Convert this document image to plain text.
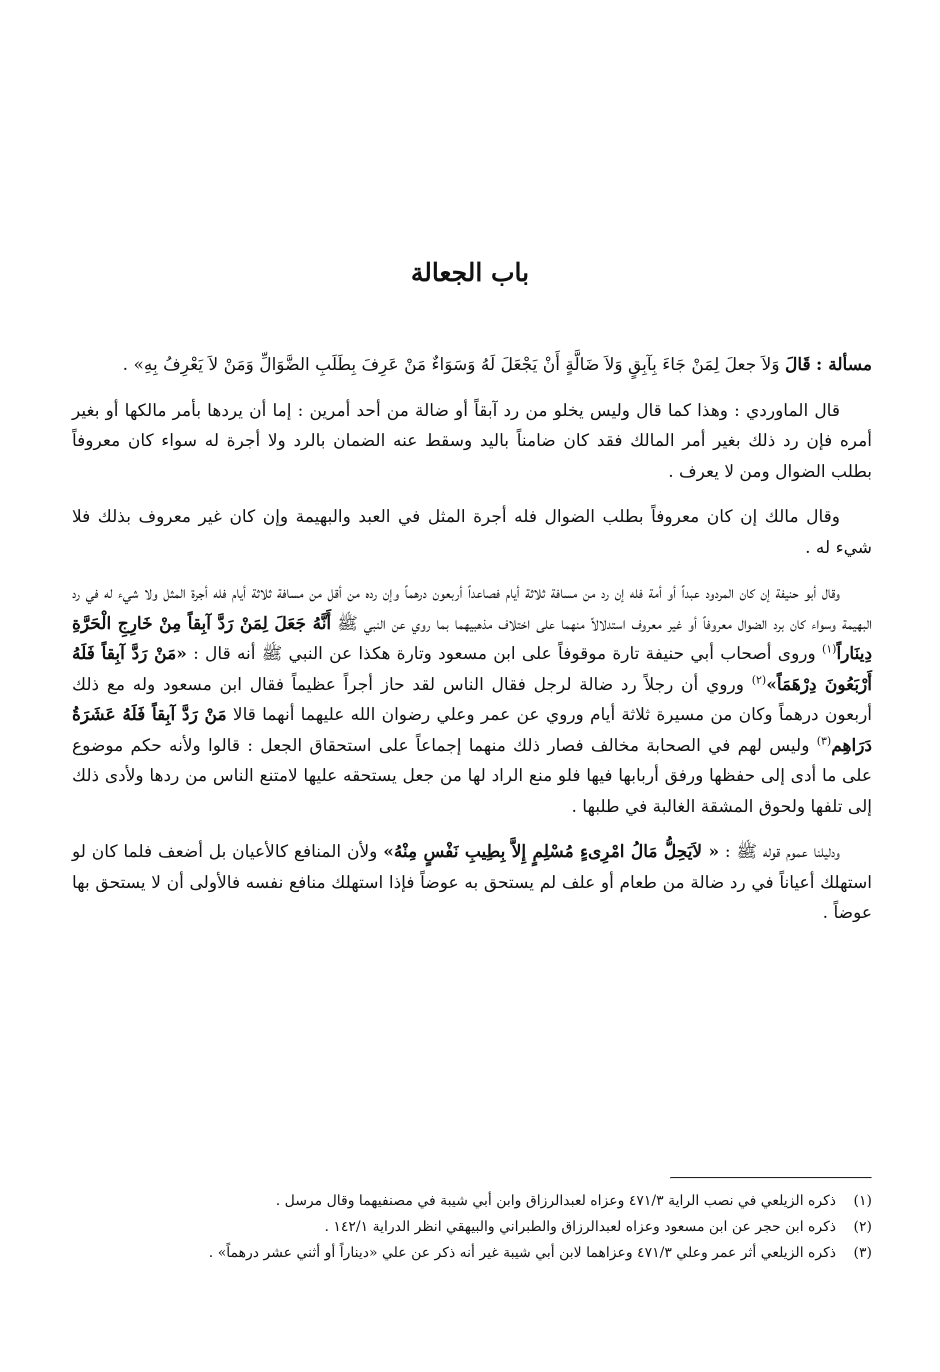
باب الجعالة

مسألة : قَالَ وَلاَ جعلَ لِمَنْ جَاءَ بِآبِقٍ وَلاَ ضَالَّةٍ أَنْ يَجْعَلَ لَهُ وَسَوَاءٌ مَنْ عَرِفَ بِطَلَبِ الضَّوَالِّ وَمَنْ لاَ يَعْرِفُ بِهِ» .

قال الماوردي : وهذا كما قال وليس يخلو من رد آبقاً أو ضالة من أحد أمرين : إما أن يردها بأمر مالكها أو بغير أمره فإن رد ذلك بغير أمر المالك فقد كان ضامناً باليد وسقط عنه الضمان بالرد ولا أجرة له سواء كان معروفاً بطلب الضوال ومن لا يعرف .

وقال مالك إن كان معروفاً بطلب الضوال فله أجرة المثل في العبد والبهيمة وإن كان غير معروف بذلك فلا شيء له .

وقال أبو حنيفة إن كان المردود عبداً أو أمة فله إن رد من مسافة ثلاثة أيام فصاعداً أربعون درهماً وإن رده من أقل من مسافة ثلاثة أيام فله أجرة المثل ولا شيء له في رد البهيمة وسواء كان برد الضوال معروفاً أو غير معروف استدلالاً منهما على اختلاف مذهبيهما بما روي عن النبي ﷺ أَنَّهُ جَعَلَ لِمَنْ رَدَّ آبِقاً مِنْ خَارِجِ الْحَرَّةِ دِينَاراً$^{(١)}$ وروى أصحاب أبي حنيفة تارة موقوفاً على ابن مسعود وتارة هكذا عن النبي ﷺ أنه قال : «مَنْ رَدَّ آبِقاً فَلَهُ أَرْبَعُونَ دِرْهَمَاً»$^{(٢)}$ وروي أن رجلاً رد ضالة لرجل فقال الناس لقد حاز أجراً عظيماً فقال ابن مسعود وله مع ذلك أربعون درهماً وكان من مسيرة ثلاثة أيام وروي عن عمر وعلي رضوان الله عليهما أنهما قالا مَنْ رَدَّ آبِقاً فَلَهُ عَشَرَةُ دَرَاهِم$^{(٣)}$ وليس لهم في الصحابة مخالف فصار ذلك منهما إجماعاً على استحقاق الجعل : قالوا ولأنه حكم موضوع على ما أدى إلى حفظها ورفق أربابها فيها فلو منع الراد لها من جعل يستحقه عليها لامتنع الناس من ردها ولأدى ذلك إلى تلفها ولحوق المشقة الغالبة في طلبها .

ودليلنا عموم قوله ﷺ : « لاَيَحِلُّ مَالُ امْرِىءٍ مُسْلِمٍ إِلاَّ بِطِيبِ نَفْسٍ مِنْهُ» ولأن المنافع كالأعيان بل أضعف فلما كان لو استهلك أعياناً في رد ضالة من طعام أو علف لم يستحق به عوضاً فإذا استهلك منافع نفسه فالأولى أن لا يستحق بها عوضاً .

(١)
ذكره الزيلعي في نصب الراية ٤٧١/٣ وعزاه لعبدالرزاق وابن أبي شيبة في مصنفيهما وقال مرسل .
(٢)
ذكره ابن حجر عن ابن مسعود وعزاه لعبدالرزاق والطبراني والبيهقي انظر الدراية ١٤٢/١ .
(٣)
ذكره الزيلعي أثر عمر وعلي ٤٧١/٣ وعزاهما لابن أبي شيبة غير أنه ذكر عن علي «ديناراً أو أثني عشر درهماً» .
